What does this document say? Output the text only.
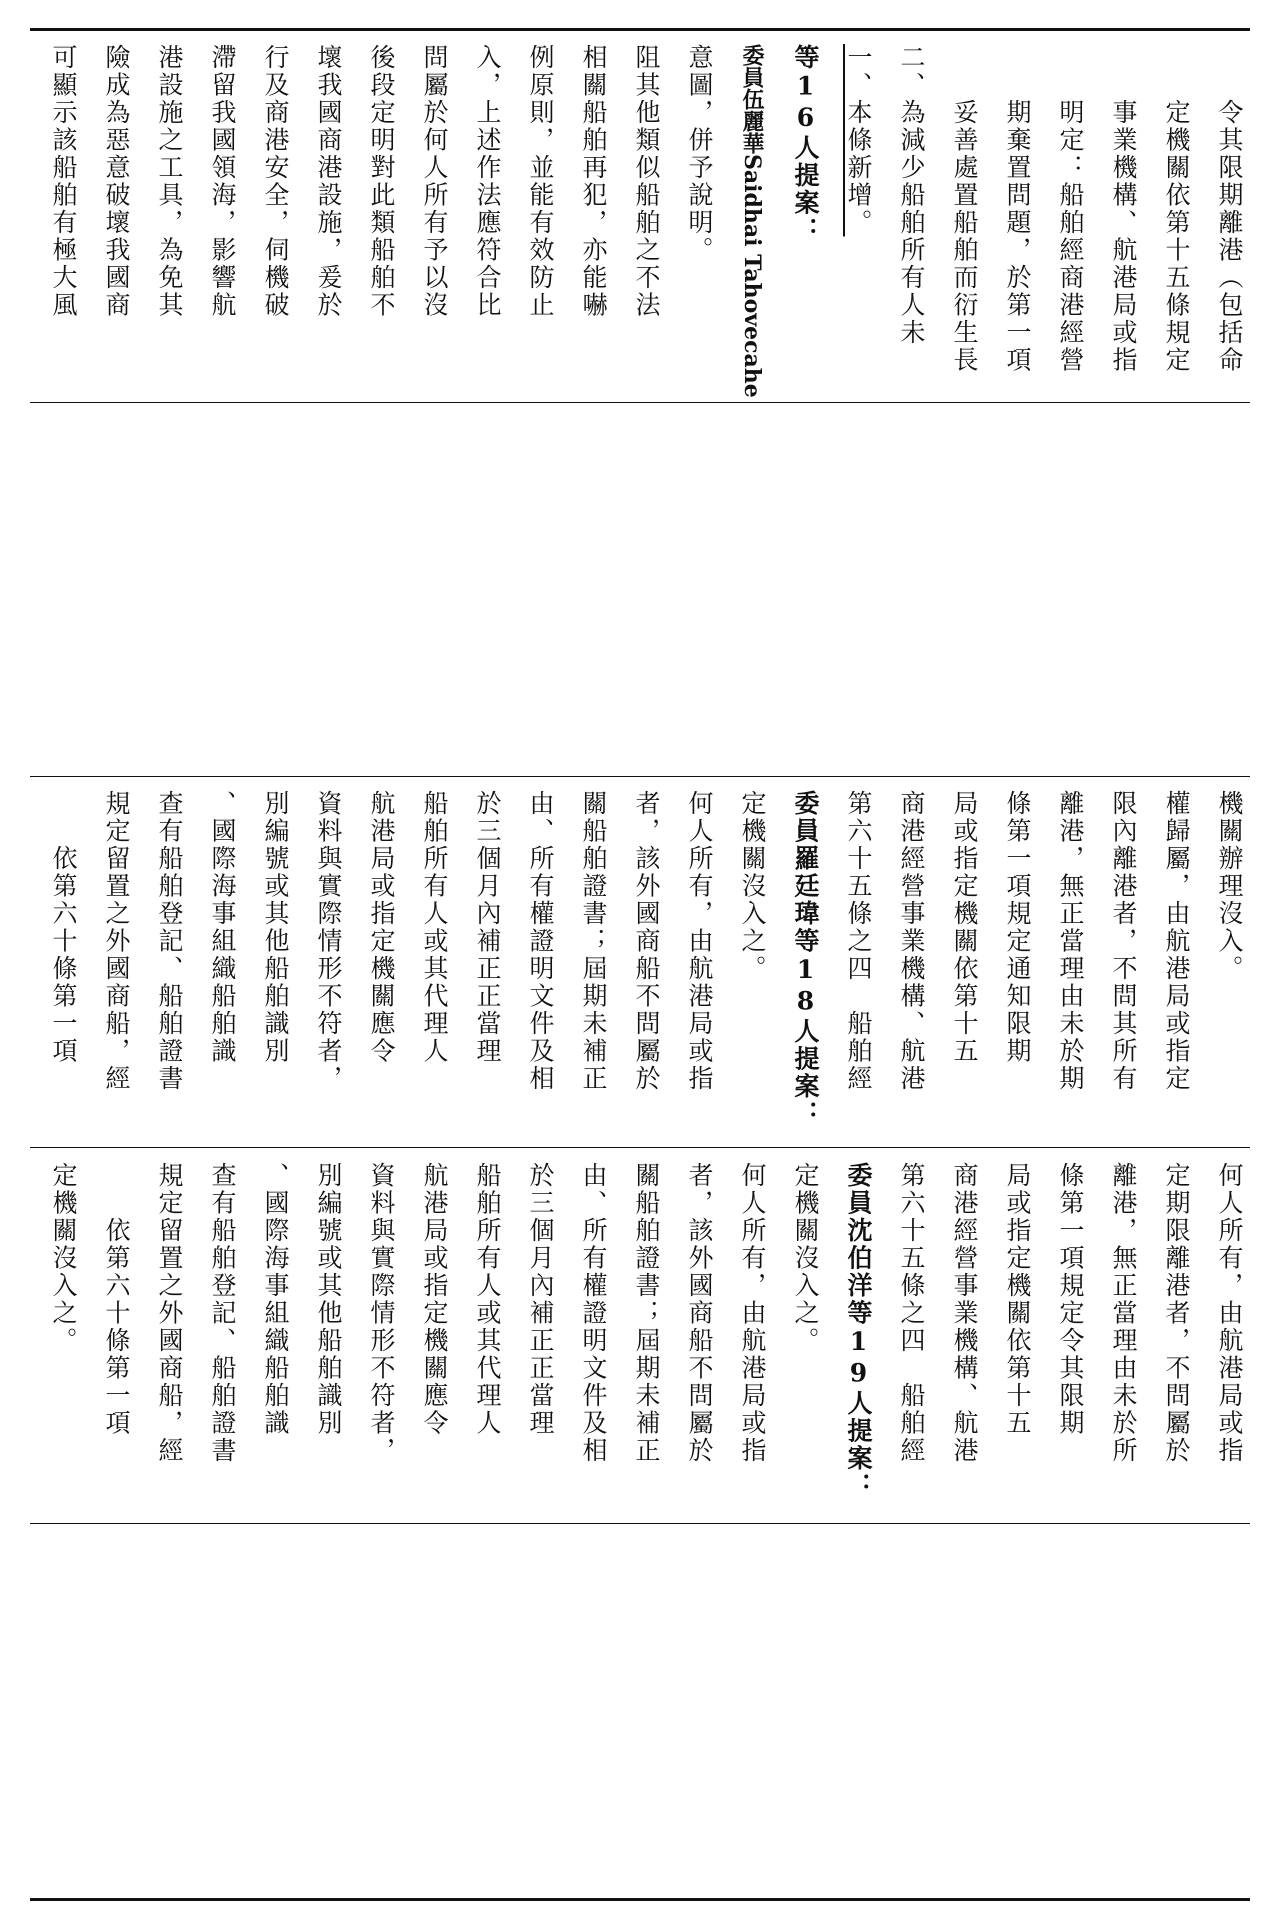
可顯示該船舶有極大風 險成為惡意破壞我國商 港設施之工具，為免其 滯留我國領海，影響航 行及商港安全，伺機破 壞我國商港設施，爰於 後段定明對此類船舶不 問屬於何人所有予以沒 入，上述作法應符合比 例原則，並能有效防止 相關船舶再犯，亦能嚇 阻其他類似船舶之不法 意圖，併予說明。	委員伍麗華Saidhai Tahovecahe	等16人提案： 一、本條新增。 二、為減少船舶所有人未 　　妥善處置船舶而衍生長 　　期棄置問題，於第一項 　　明定：船舶經商港經營 　　事業機構、航港局或指 　　定機關依第十五條規定 　　令其限期離港（包括命
　　依第六十條第一項 規定留置之外國商船，經 查有船舶登記、船舶證書 、國際海事組織船舶識 別編號或其他船舶識別 資料與實際情形不符者， 航港局或指定機關應令 船舶所有人或其代理人 於三個月內補正正當理 由、所有權證明文件及相 關船舶證書；屆期未補正 者，該外國商船不問屬於 何人所有，由航港局或指 定機關沒入之。 委員羅廷瑋等18人提案： 第六十五條之四　船舶經 商港經營事業機構、航港 局或指定機關依第十五 條第一項規定通知限期 離港，無正當理由未於期 限內離港者，不問其所有 權歸屬，由航港局或指定 機關辦理沒入。
定機關沒入之。 　　依第六十條第一項 規定留置之外國商船，經 查有船舶登記、船舶證書 、國際海事組織船舶識 別編號或其他船舶識別 資料與實際情形不符者， 航港局或指定機關應令 船舶所有人或其代理人 於三個月內補正正當理 由、所有權證明文件及相 關船舶證書；屆期未補正 者，該外國商船不問屬於 何人所有，由航港局或指 定機關沒入之。 委員沈伯洋等19人提案： 第六十五條之四　船舶經 商港經營事業機構、航港 局或指定機關依第十五 條第一項規定令其限期 離港，無正當理由未於所 定期限離港者，不問屬於 何人所有，由航港局或指
